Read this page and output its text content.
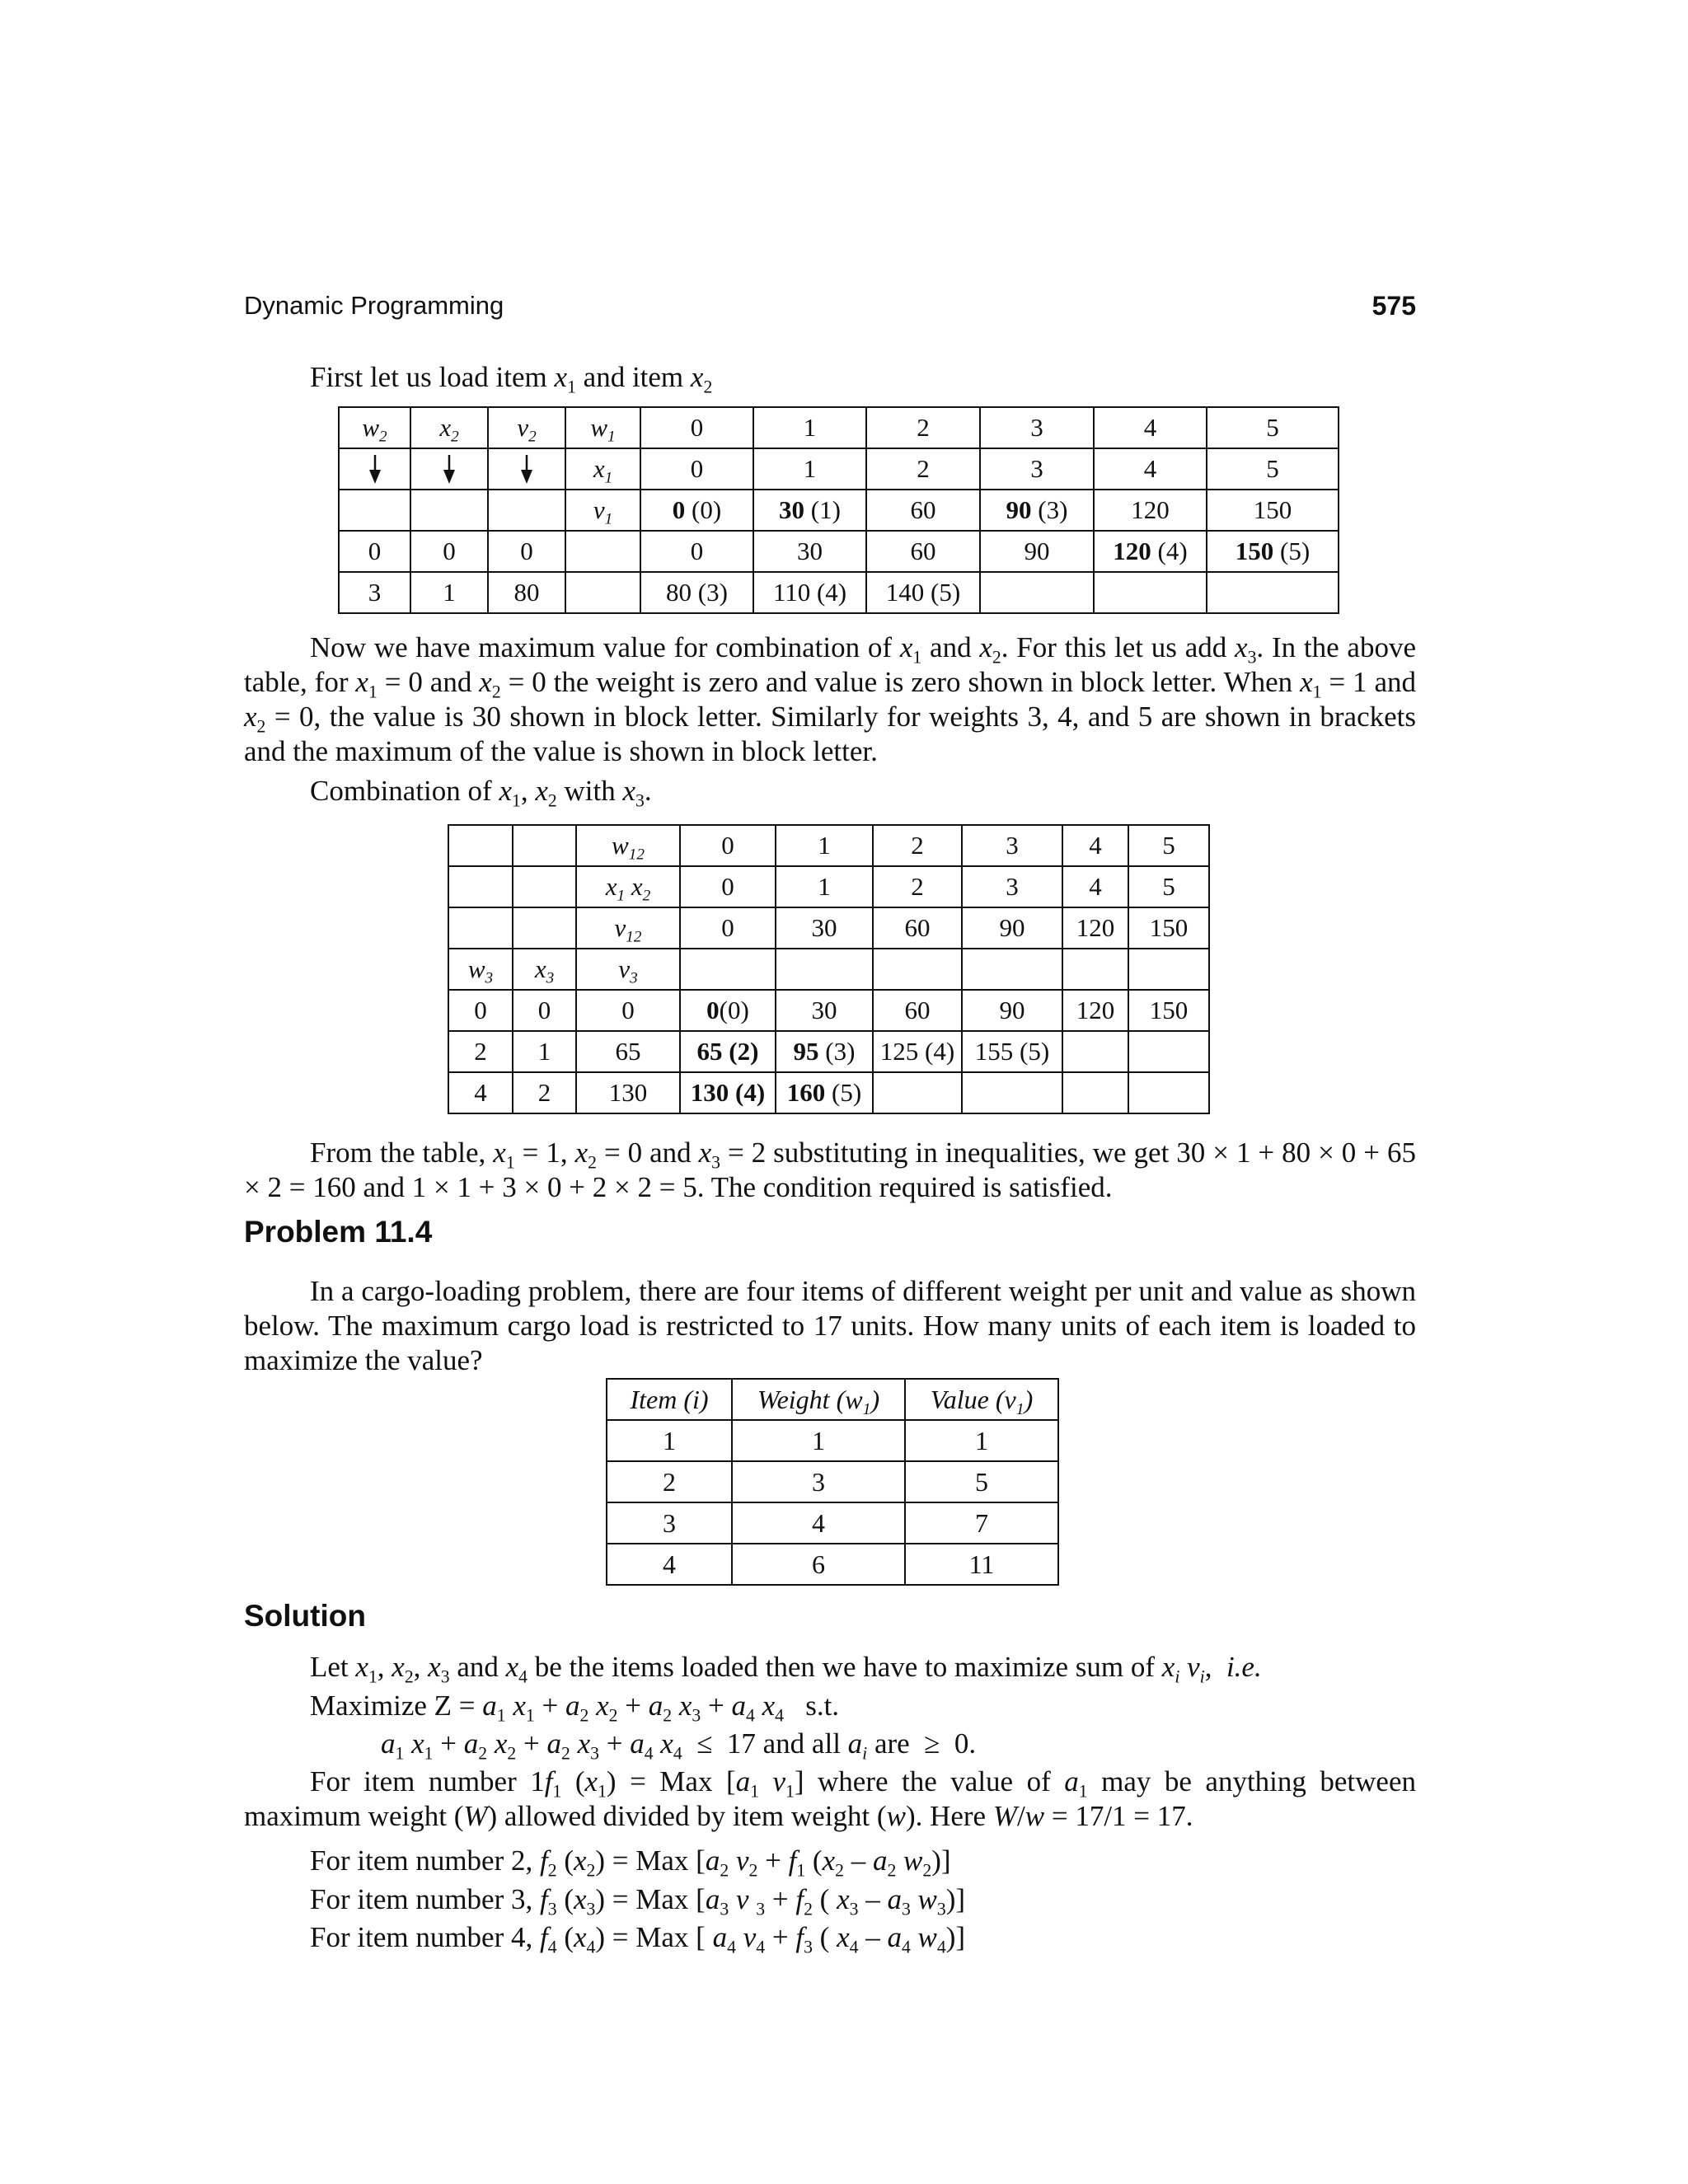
Dynamic Programming	575
First let us load item $x_1$ and item $x_2$
$w_2$	$x_2$	$v_2$	$w_1$	0	1	2	3	4	5
			$x_1$	0	1	2	3	4	5
			$v_1$	0 (0)	30 (1)	60	90 (3)	120	150
0	0	0		0	30	60	90	120 (4)	150 (5)
3	1	80		80 (3)	110 (4)	140 (5)			
Now we have maximum value for combination of $x_1$ and $x_2$. For this let us add $x_3$. In the above table, for $x_1 = 0$ and $x_2 = 0$ the weight is zero and value is zero shown in block letter. When $x_1 = 1$ and $x_2 = 0$, the value is 30 shown in block letter. Similarly for weights 3, 4, and 5 are shown in brackets and the maximum of the value is shown in block letter.
Combination of $x_1$, $x_2$ with $x_3$.
		$w_{12}$	0	1	2	3	4	5
		$x_1$ $x_2$	0	1	2	3	4	5
		$v_{12}$	0	30	60	90	120	150
$w_3$	$x_3$	$v_3$						
0	0	0	0(0)	30	60	90	120	150
2	1	65	65 (2)	95 (3)	125 (4)	155 (5)		
4	2	130	130 (4)	160 (5)				
From the table, $x_1 = 1$, $x_2 = 0$ and $x_3 = 2$ substituting in inequalities, we get 30 × 1 + 80 × 0 + 65 × 2 = 160 and 1 × 1 + 3 × 0 + 2 × 2 = 5. The condition required is satisfied.
Problem 11.4
In a cargo-loading problem, there are four items of different weight per unit and value as shown below. The maximum cargo load is restricted to 17 units. How many units of each item is loaded to maximize the value?
Item (i)	Weight $(w_1)$	Value $(v_1)$
1	1	1
2	3	5
3	4	7
4	6	11
Solution
Let $x_1$, $x_2$, $x_3$ and $x_4$ be the items loaded then we have to maximize sum of $x_i$ $v_i$,  i.e.
Maximize $Z = a_1$ $x_1 + a_2$ $x_2 + a_2$ $x_3 + a_4$ $x_4$   s.t.
$a_1$ $x_1 + a_2$ $x_2 + a_2$ $x_3 + a_4$ $x_4 \le 17$ and all $a_i$ are  ≥  0.
For item number $1f_1$ $(x_1)$ = Max [$a_1$ $v_1$] where the value of $a_1$ may be anything between maximum weight (W) allowed divided by item weight (w). Here W/w = 17/1 = 17.
For item number 2, $f_2$ $(x_2)$ = Max [$a_2$ $v_2 + f_1$ ($x_2 - a_2$ $w_2$)]
For item number 3, $f_3$ $(x_3)$ = Max [$a_3$ v $_3 + f_2$ ( $x_3 - a_3$ $w_3$)]
For item number 4, $f_4$ $(x_4)$ = Max [ $a_4$ $v_4 + f_3$ ( $x_4 - a_4$ $w_4$)]
